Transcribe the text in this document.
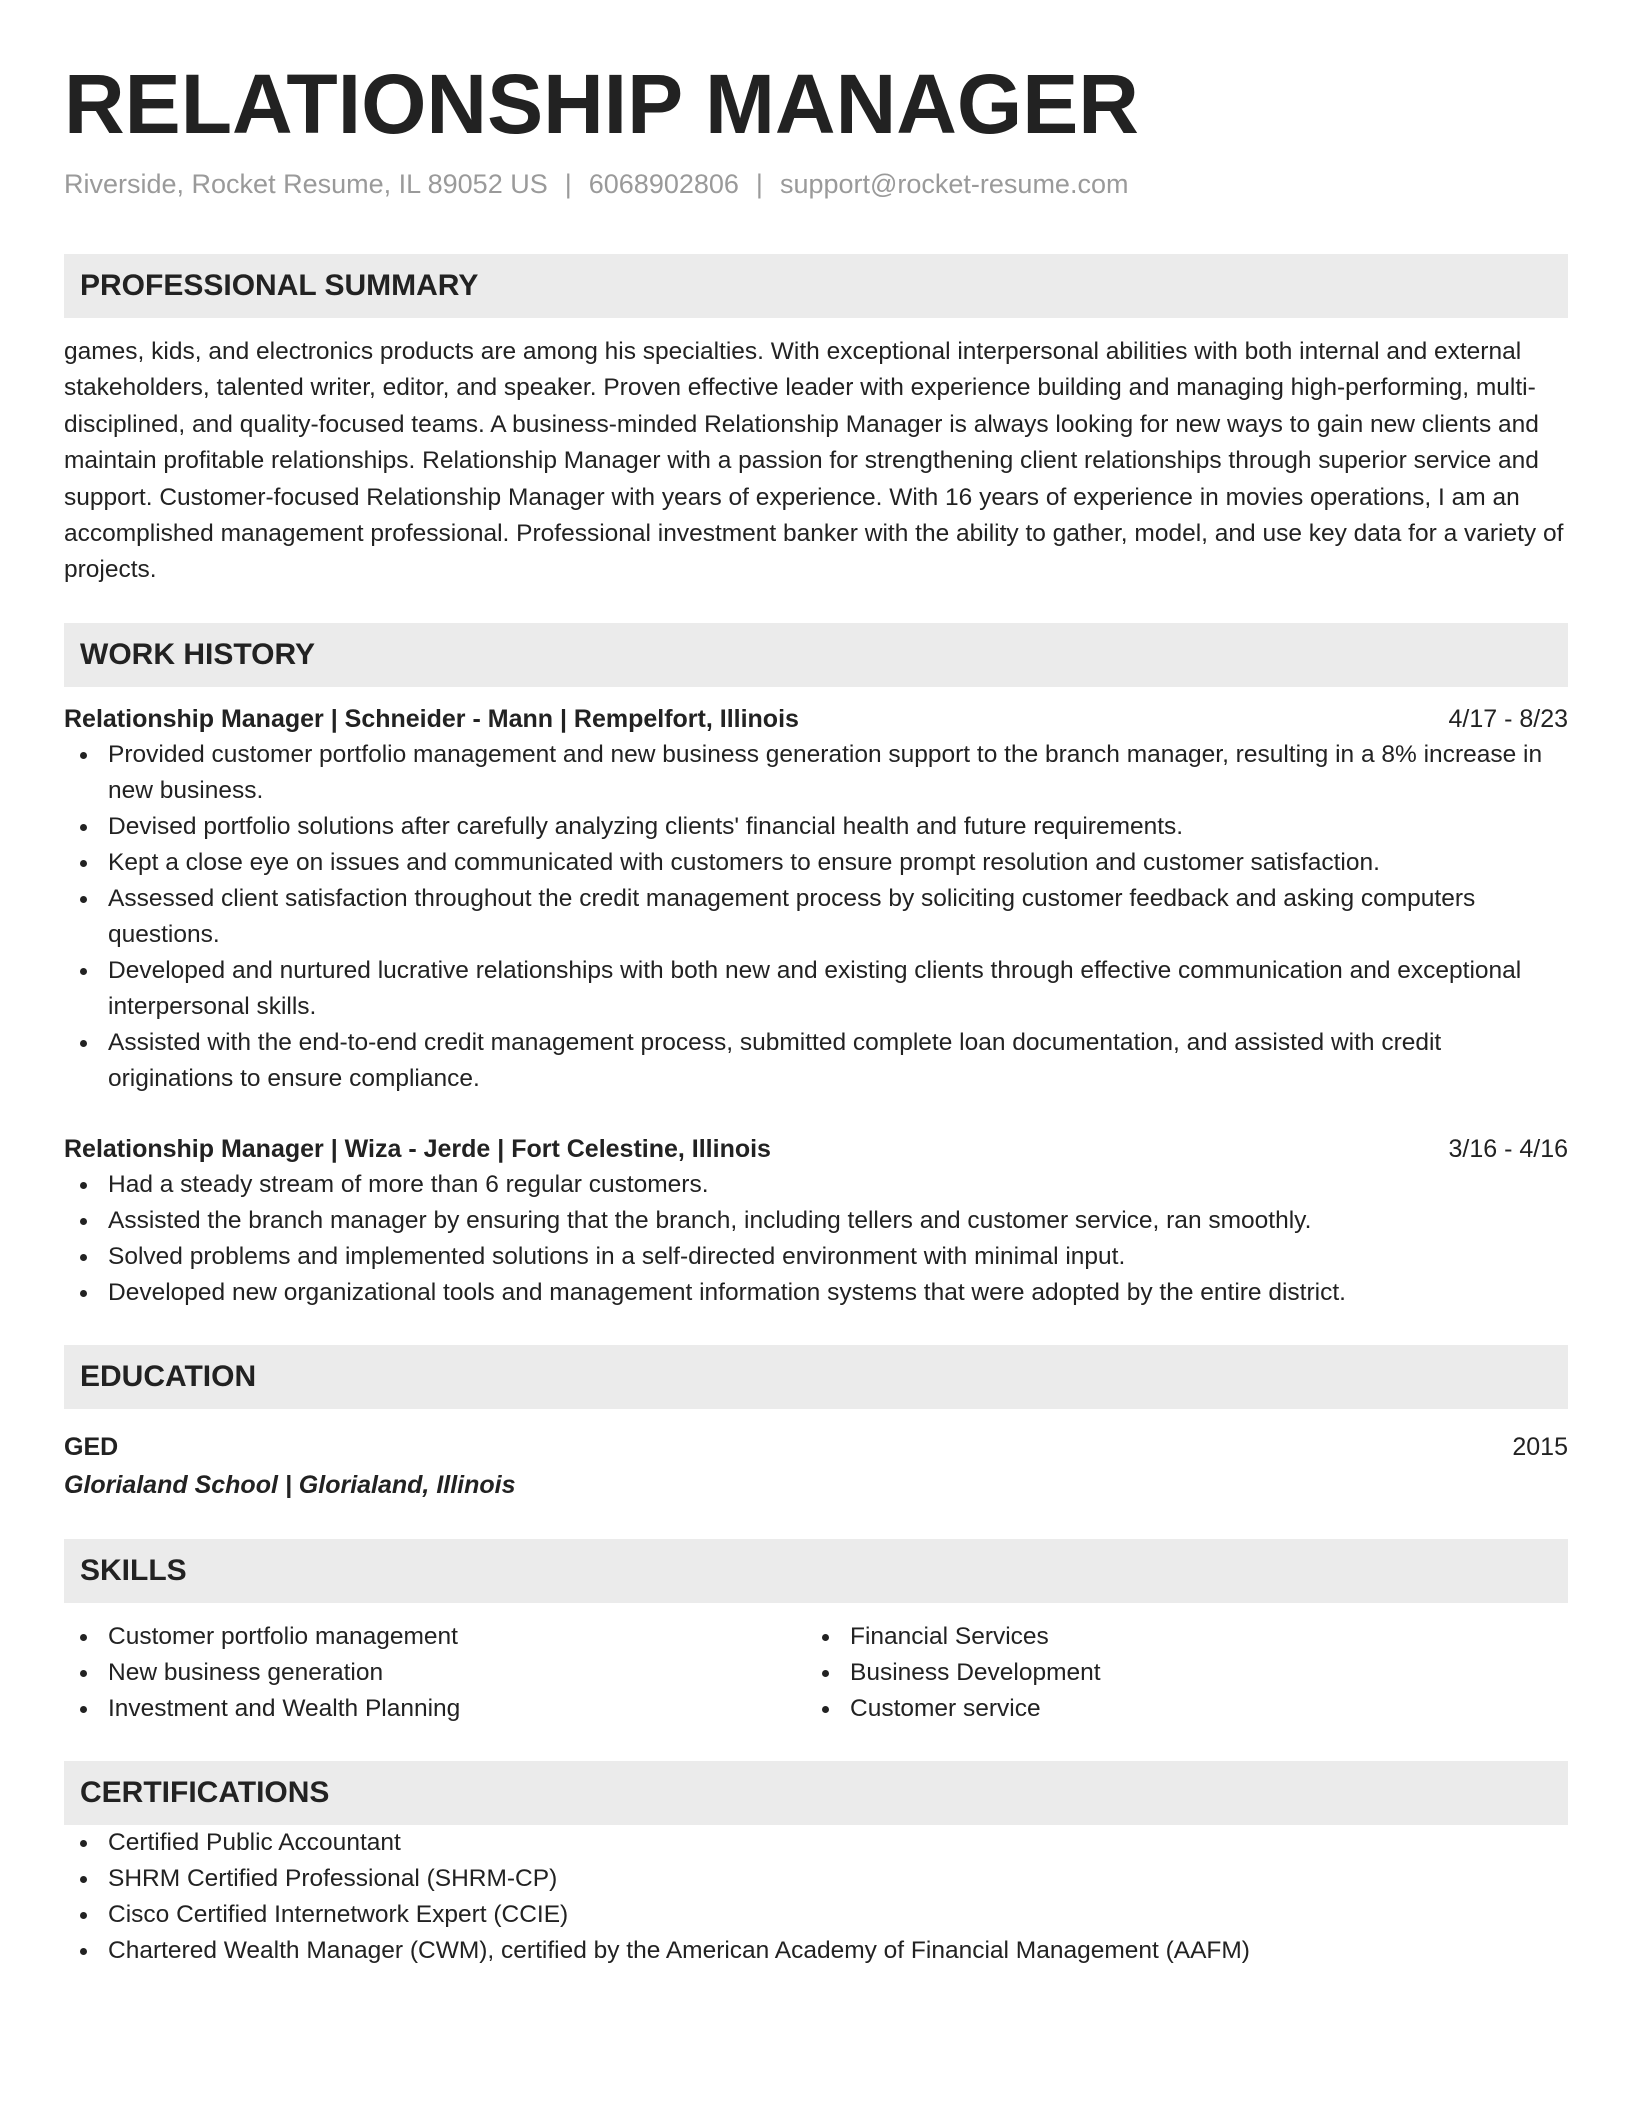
RELATIONSHIP MANAGER
Riverside, Rocket Resume, IL 89052 US | 6068902806 | support@rocket-resume.com
PROFESSIONAL SUMMARY
games, kids, and electronics products are among his specialties. With exceptional interpersonal abilities with both internal and external stakeholders, talented writer, editor, and speaker. Proven effective leader with experience building and managing high-performing, multi-disciplined, and quality-focused teams. A business-minded Relationship Manager is always looking for new ways to gain new clients and maintain profitable relationships. Relationship Manager with a passion for strengthening client relationships through superior service and support. Customer-focused Relationship Manager with years of experience. With 16 years of experience in movies operations, I am an accomplished management professional. Professional investment banker with the ability to gather, model, and use key data for a variety of projects.
WORK HISTORY
Relationship Manager | Schneider - Mann | Rempelfort, Illinois	4/17 - 8/23
Provided customer portfolio management and new business generation support to the branch manager, resulting in a 8% increase in new business.
Devised portfolio solutions after carefully analyzing clients' financial health and future requirements.
Kept a close eye on issues and communicated with customers to ensure prompt resolution and customer satisfaction.
Assessed client satisfaction throughout the credit management process by soliciting customer feedback and asking computers questions.
Developed and nurtured lucrative relationships with both new and existing clients through effective communication and exceptional interpersonal skills.
Assisted with the end-to-end credit management process, submitted complete loan documentation, and assisted with credit originations to ensure compliance.
Relationship Manager | Wiza - Jerde | Fort Celestine, Illinois	3/16 - 4/16
Had a steady stream of more than 6 regular customers.
Assisted the branch manager by ensuring that the branch, including tellers and customer service, ran smoothly.
Solved problems and implemented solutions in a self-directed environment with minimal input.
Developed new organizational tools and management information systems that were adopted by the entire district.
EDUCATION
GED	2015
Glorialand School | Glorialand, Illinois
SKILLS
Customer portfolio management
New business generation
Investment and Wealth Planning
Financial Services
Business Development
Customer service
CERTIFICATIONS
Certified Public Accountant
SHRM Certified Professional (SHRM-CP)
Cisco Certified Internetwork Expert (CCIE)
Chartered Wealth Manager (CWM), certified by the American Academy of Financial Management (AAFM)
